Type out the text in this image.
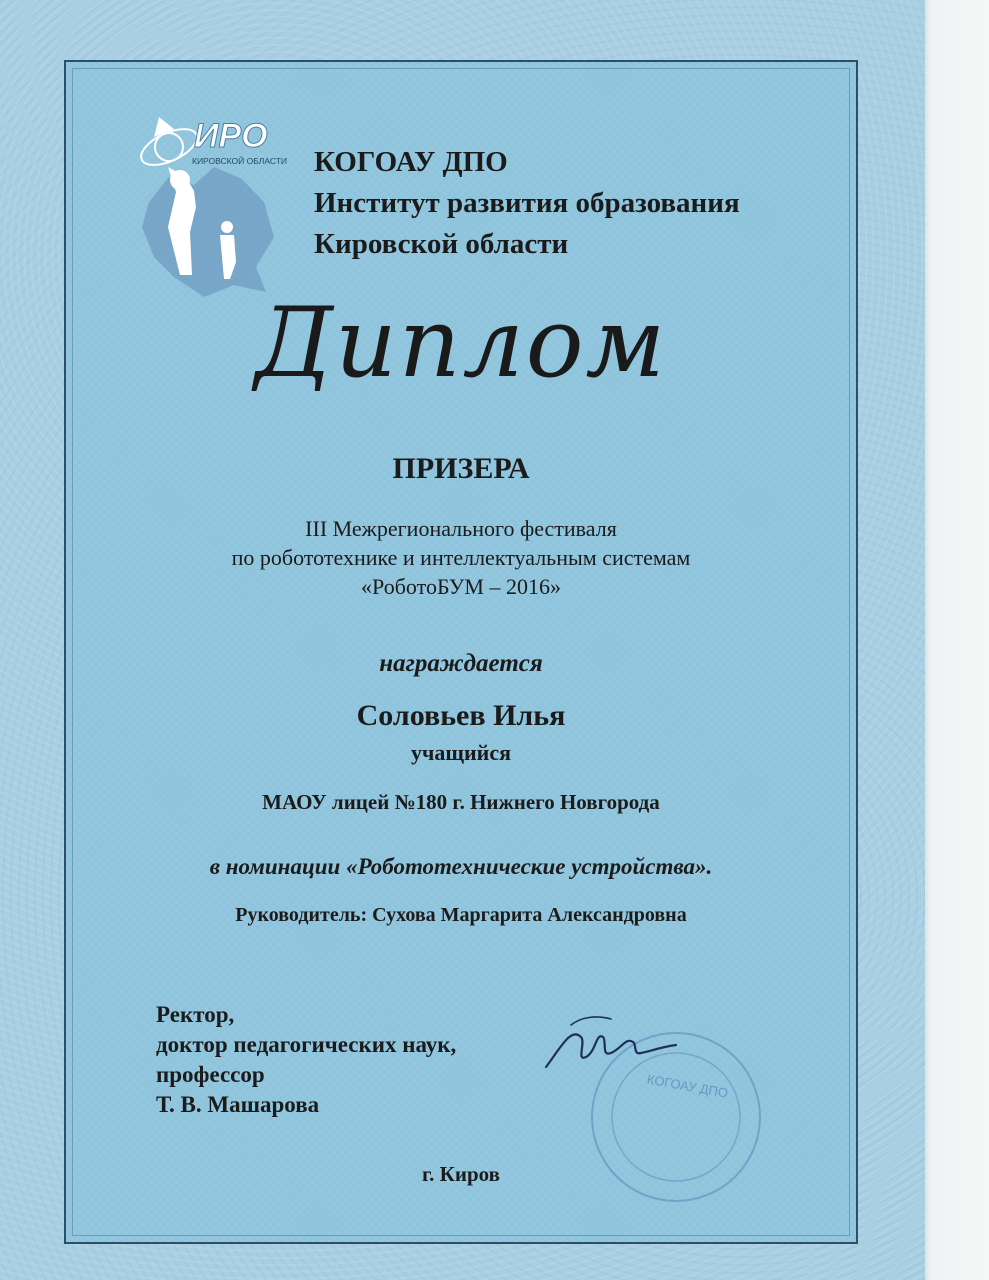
ИРО
КИРОВСКОЙ ОБЛАСТИ КОГОАУ ДПО
Институт развития образования
Кировской области
Диплом
ПРИЗЕРА
III Межрегионального фестиваля
по робототехнике и интеллектуальным системам
«РоботоБУМ – 2016»
награждается
Соловьев Илья
учащийся
МАОУ лицей №180 г. Нижнего Новгорода
в номинации «Робототехнические устройства».
Руководитель: Сухова Маргарита Александровна
Ректор,
доктор педагогических наук,
профессор
Т. В. Машарова
КОГОАУ ДПО
г. Киров
